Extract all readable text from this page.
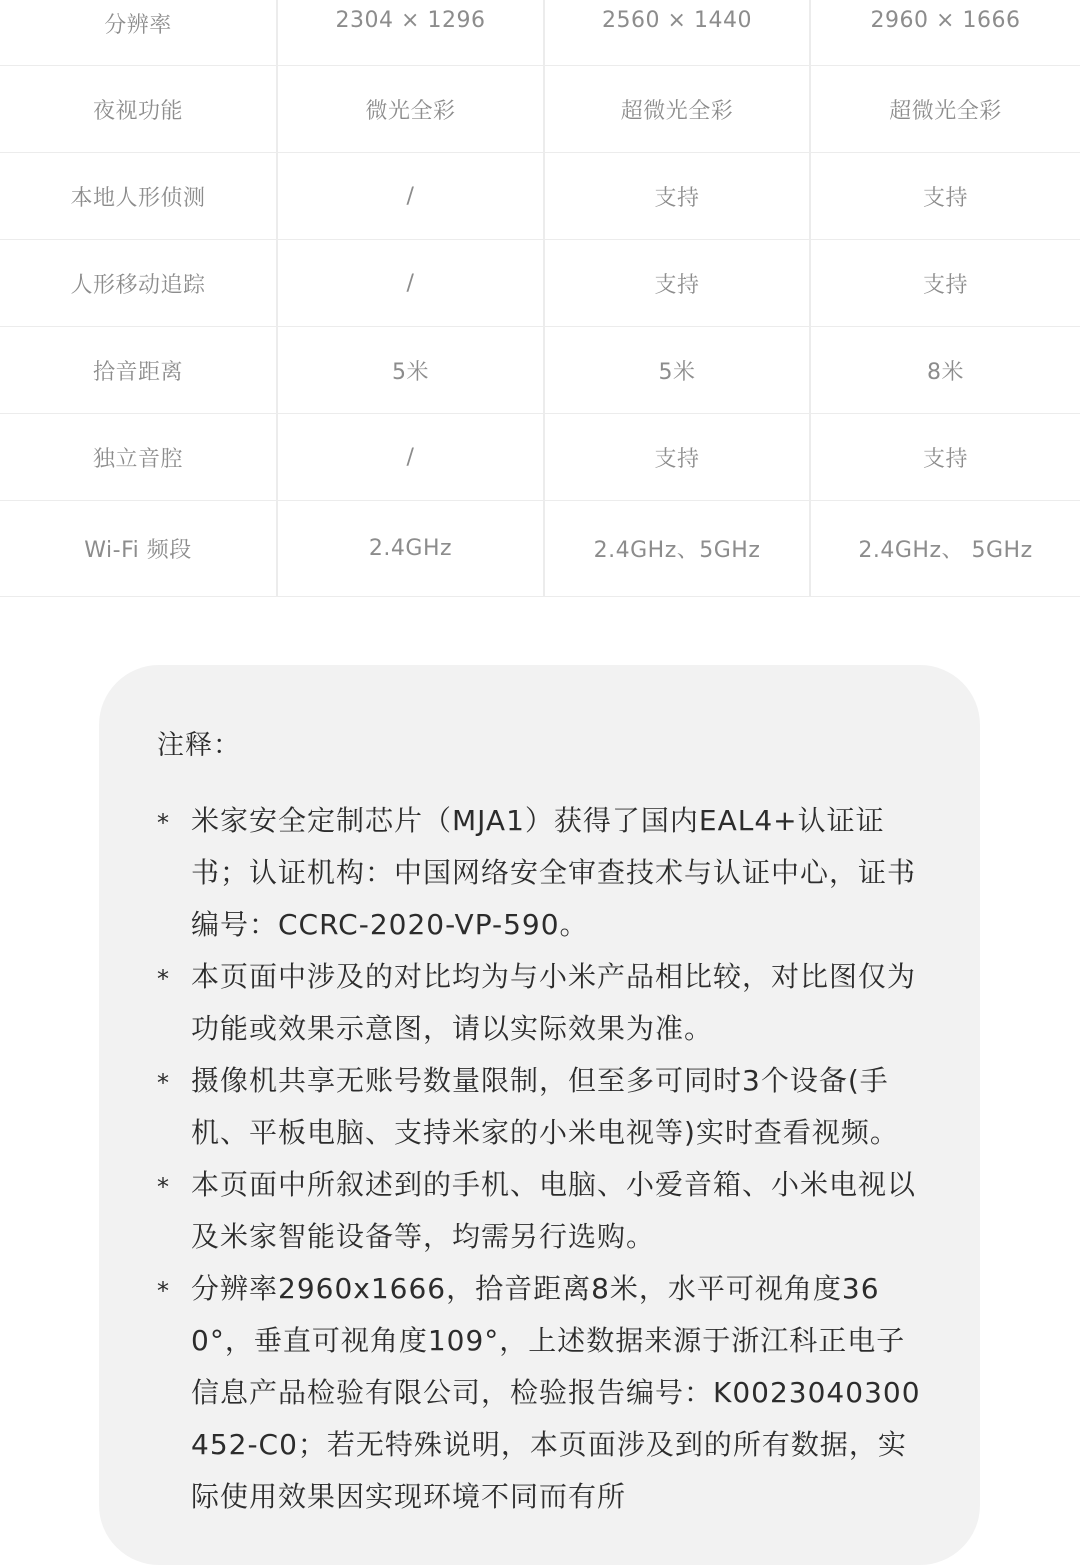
分辨率	2304 × 1296	2560 × 1440	2960 × 1666
夜视功能	微光全彩	超微光全彩	超微光全彩
本地人形侦测	/	支持	支持
人形移动追踪	/	支持	支持
拾音距离	5米	5米	8米
独立音腔	/	支持	支持
Wi-Fi 频段	2.4GHz	2.4GHz、5GHz	2.4GHz、 5GHz
注释：

* 米家安全定制芯片（MJA1）获得了国内EAL4+认证证书；认证机构：中国网络安全审查技术与认证中心，证书编号：CCRC-2020-VP-590。

* 本页面中涉及的对比均为与小米产品相比较，对比图仅为功能或效果示意图，请以实际效果为准。

* 摄像机共享无账号数量限制，但至多可同时3个设备(手机、平板电脑、支持米家的小米电视等)实时查看视频。

* 本页面中所叙述到的手机、电脑、小爱音箱、小米电视以及米家智能设备等，均需另行选购。

* 分辨率2960x1666，拾音距离8米，水平可视角度360°，垂直可视角度109°，上述数据来源于浙江科正电子信息产品检验有限公司，检验报告编号：K0023040300452-C0；若无特殊说明，本页面涉及到的所有数据，实际使用效果因实现环境不同而有所
